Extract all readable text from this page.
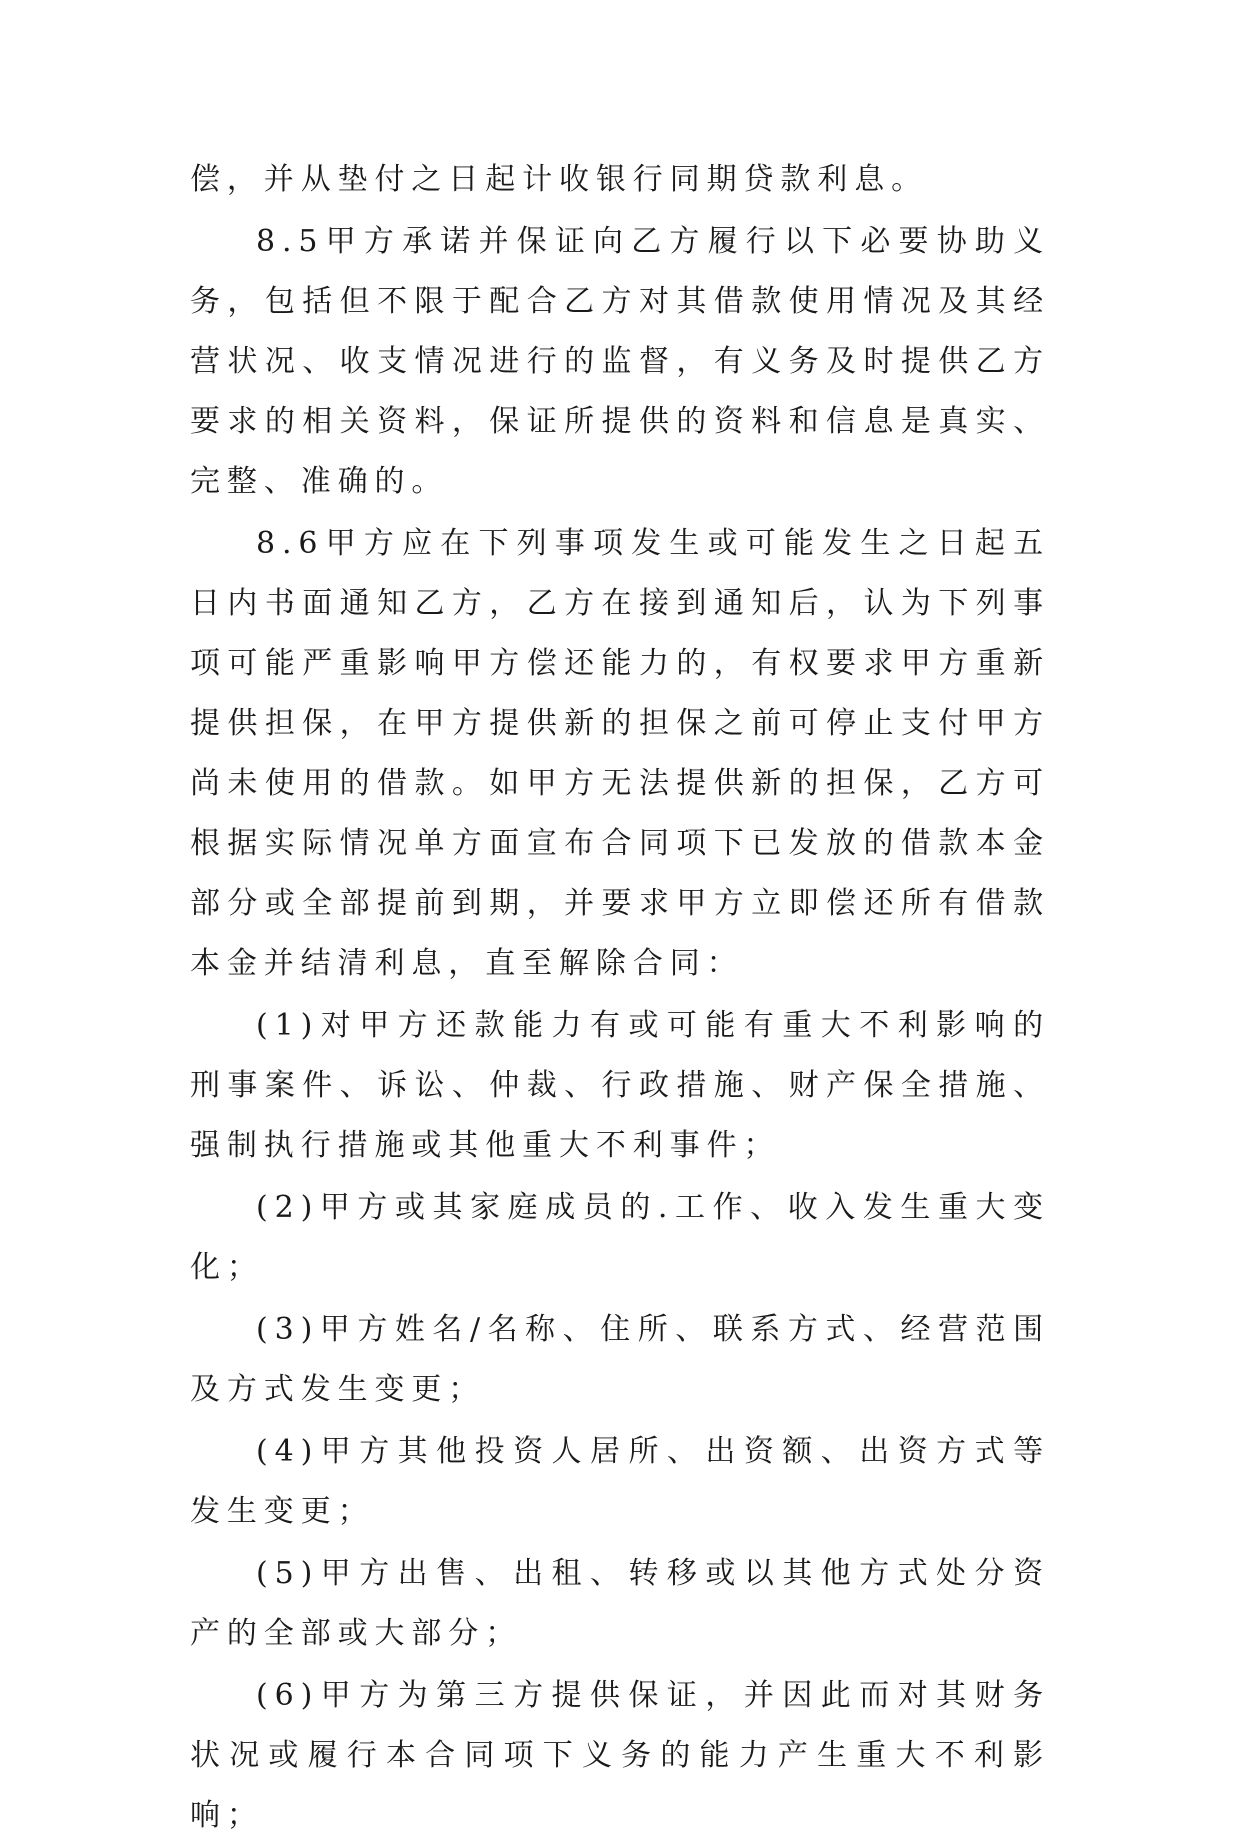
偿，并从垫付之日起计收银行同期贷款利息。

8.5甲方承诺并保证向乙方履行以下必要协助义务，包括但不限于配合乙方对其借款使用情况及其经营状况、收支情况进行的监督，有义务及时提供乙方要求的相关资料，保证所提供的资料和信息是真实、完整、准确的。

8.6甲方应在下列事项发生或可能发生之日起五日内书面通知乙方，乙方在接到通知后，认为下列事项可能严重影响甲方偿还能力的，有权要求甲方重新提供担保，在甲方提供新的担保之前可停止支付甲方尚未使用的借款。如甲方无法提供新的担保，乙方可根据实际情况单方面宣布合同项下已发放的借款本金部分或全部提前到期，并要求甲方立即偿还所有借款本金并结清利息，直至解除合同：

(1)对甲方还款能力有或可能有重大不利影响的刑事案件、诉讼、仲裁、行政措施、财产保全措施、强制执行措施或其他重大不利事件；

(2)甲方或其家庭成员的.工作、收入发生重大变化；

(3)甲方姓名/名称、住所、联系方式、经营范围及方式发生变更；

(4)甲方其他投资人居所、出资额、出资方式等发生变更；

(5)甲方出售、出租、转移或以其他方式处分资产的全部或大部分；

(6)甲方为第三方提供保证，并因此而对其财务状况或履行本合同项下义务的能力产生重大不利影响；
